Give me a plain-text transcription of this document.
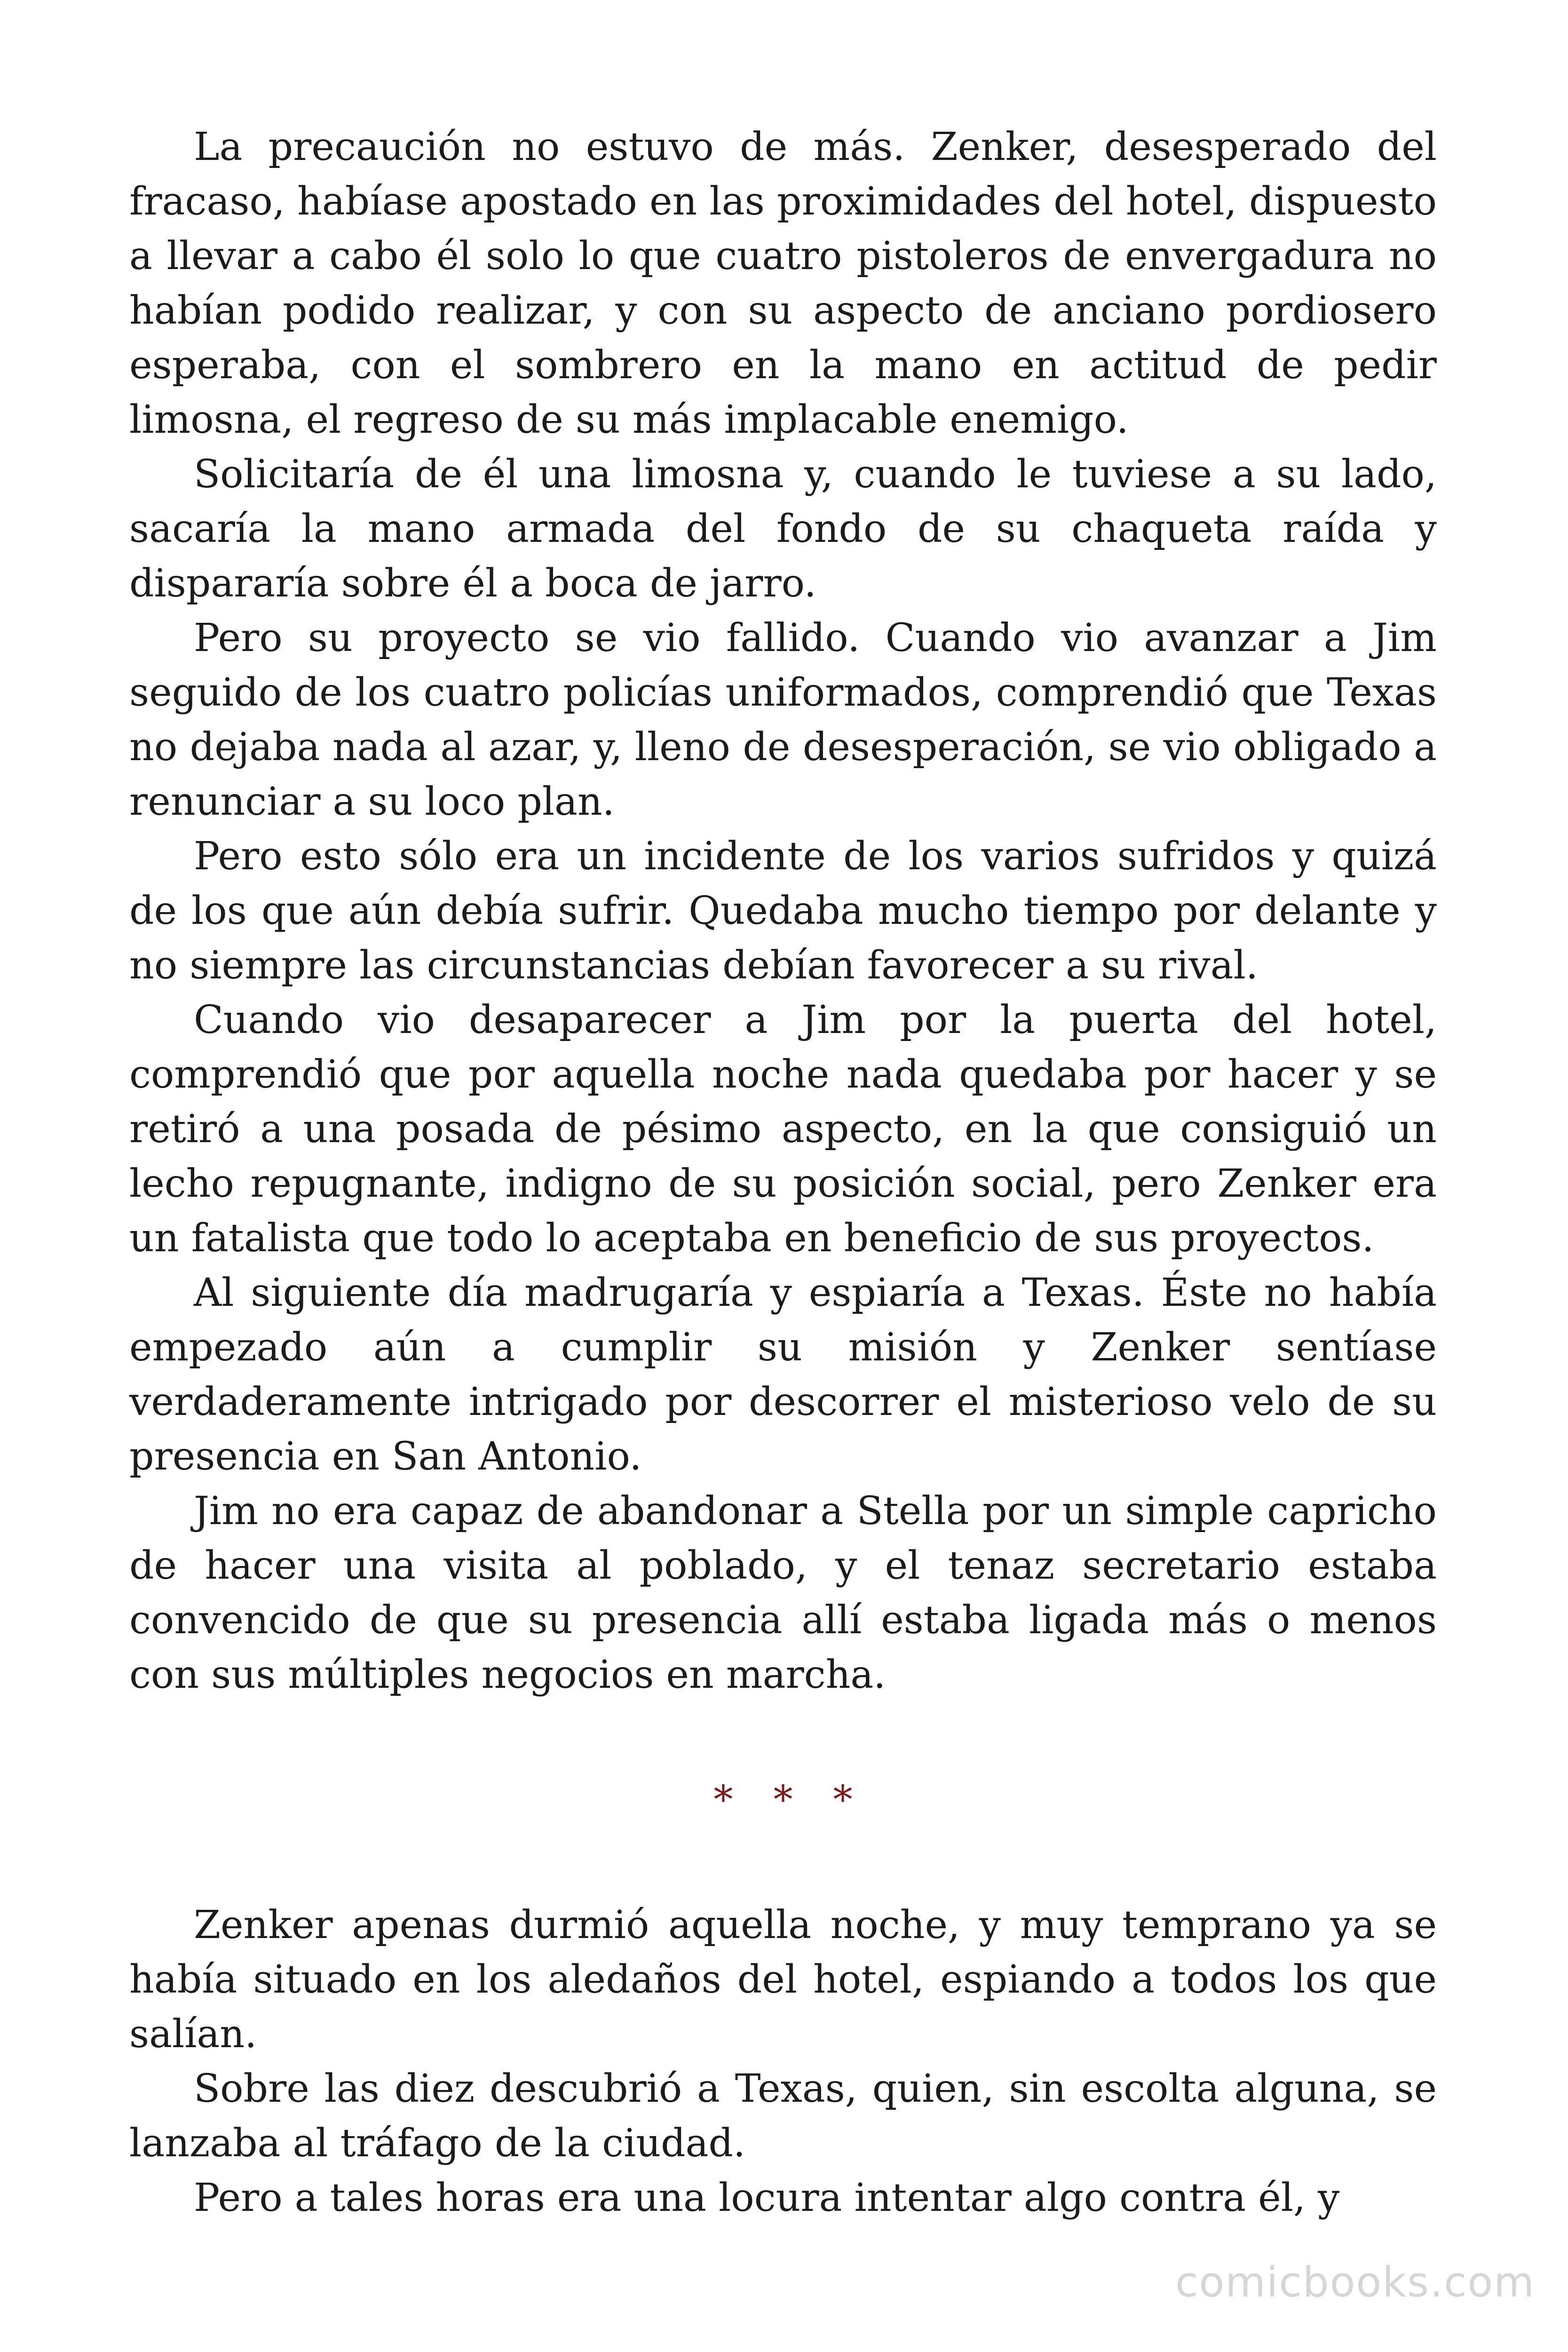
La precaución no estuvo de más. Zenker, desesperado del fracaso, habíase apostado en las proximidades del hotel, dispuesto a llevar a cabo él solo lo que cuatro pistoleros de envergadura no habían podido realizar, y con su aspecto de anciano pordiosero esperaba, con el sombrero en la mano en actitud de pedir limosna, el regreso de su más implacable enemigo.

Solicitaría de él una limosna y, cuando le tuviese a su lado, sacaría la mano armada del fondo de su chaqueta raída y dispararía sobre él a boca de jarro.

Pero su proyecto se vio fallido. Cuando vio avanzar a Jim seguido de los cuatro policías uniformados, comprendió que Texas no dejaba nada al azar, y, lleno de desesperación, se vio obligado a renunciar a su loco plan.

Pero esto sólo era un incidente de los varios sufridos y quizá de los que aún debía sufrir. Quedaba mucho tiempo por delante y no siempre las circunstancias debían favorecer a su rival.

Cuando vio desaparecer a Jim por la puerta del hotel, comprendió que por aquella noche nada quedaba por hacer y se retiró a una posada de pésimo aspecto, en la que consiguió un lecho repugnante, indigno de su posición social, pero Zenker era un fatalista que todo lo aceptaba en beneficio de sus proyectos.

Al siguiente día madrugaría y espiaría a Texas. Éste no había empezado aún a cumplir su misión y Zenker sentíase verdaderamente intrigado por descorrer el misterioso velo de su presencia en San Antonio.

Jim no era capaz de abandonar a Stella por un simple capricho de hacer una visita al poblado, y el tenaz secretario estaba convencido de que su presencia allí estaba ligada más o menos con sus múltiples negocios en marcha.

* * *

Zenker apenas durmió aquella noche, y muy temprano ya se había situado en los aledaños del hotel, espiando a todos los que salían.

Sobre las diez descubrió a Texas, quien, sin escolta alguna, se lanzaba al tráfago de la ciudad.

Pero a tales horas era una locura intentar algo contra él, y

comicbooks.com
